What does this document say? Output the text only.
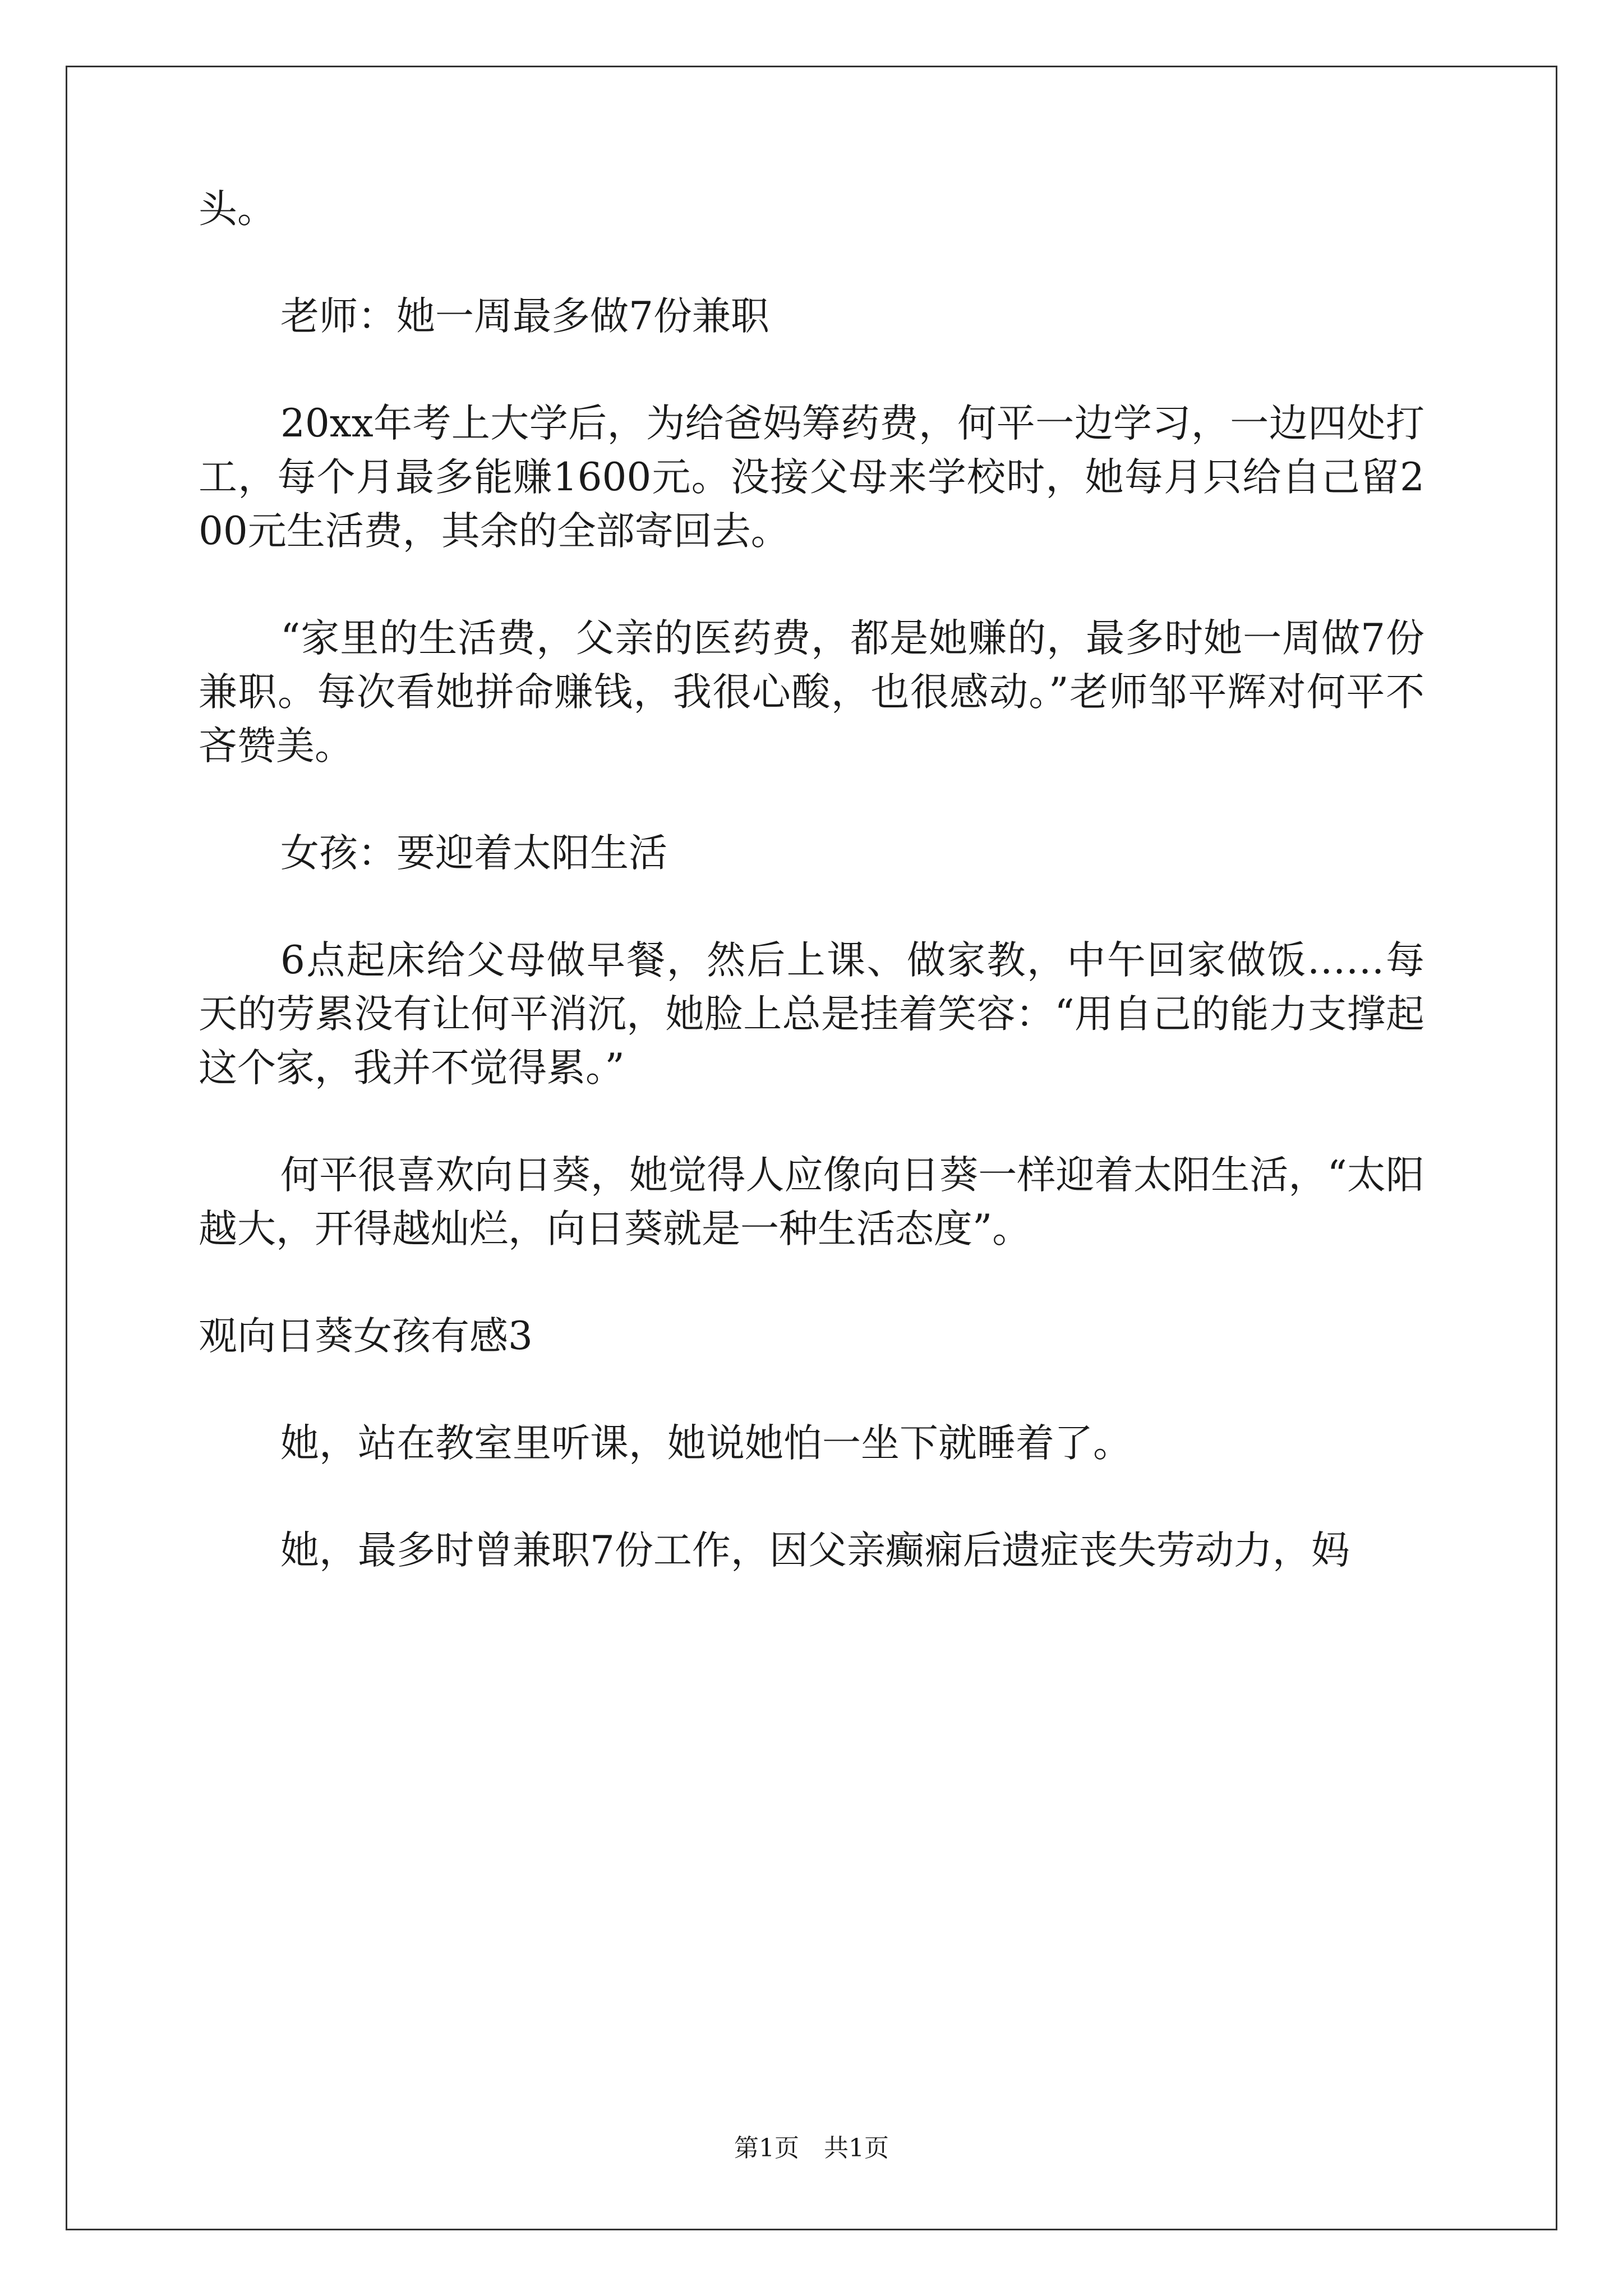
头。

老师：她一周最多做7份兼职

20xx年考上大学后，为给爸妈筹药费，何平一边学习，一边四处打工，每个月最多能赚1600元。没接父母来学校时，她每月只给自己留200元生活费，其余的全部寄回去。

“家里的生活费，父亲的医药费，都是她赚的，最多时她一周做7份兼职。每次看她拼命赚钱，我很心酸，也很感动。”老师邹平辉对何平不吝赞美。

女孩：要迎着太阳生活

6点起床给父母做早餐，然后上课、做家教，中午回家做饭……每天的劳累没有让何平消沉，她脸上总是挂着笑容：“用自己的能力支撑起这个家，我并不觉得累。”

何平很喜欢向日葵，她觉得人应像向日葵一样迎着太阳生活，“太阳越大，开得越灿烂，向日葵就是一种生活态度”。

观向日葵女孩有感3

她，站在教室里听课，她说她怕一坐下就睡着了。

她，最多时曾兼职7份工作，因父亲癫痫后遗症丧失劳动力，妈

第1页 共1页
